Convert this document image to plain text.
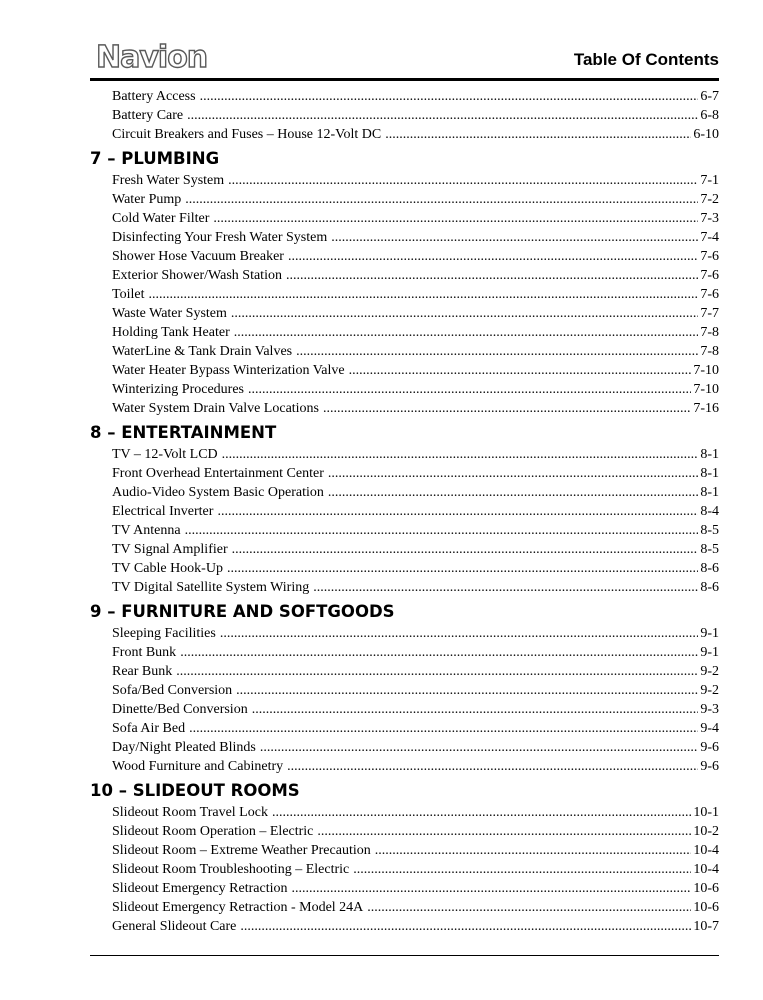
Navion	Table Of Contents
Battery Access .....	6-7
Battery Care .....	6-8
Circuit Breakers and Fuses – House 12-Volt DC .....	6-10
7 – PLUMBING
Fresh Water System .....	7-1
Water Pump .....	7-2
Cold Water Filter .....	7-3
Disinfecting Your Fresh Water System .....	7-4
Shower Hose Vacuum Breaker .....	7-6
Exterior Shower/Wash Station .....	7-6
Toilet .....	7-6
Waste Water System .....	7-7
Holding Tank Heater .....	7-8
WaterLine & Tank Drain Valves .....	7-8
Water Heater Bypass Winterization Valve .....	7-10
Winterizing Procedures .....	7-10
Water System Drain Valve Locations .....	7-16
8 – ENTERTAINMENT
TV – 12-Volt LCD .....	8-1
Front Overhead Entertainment Center .....	8-1
Audio-Video System Basic Operation .....	8-1
Electrical Inverter .....	8-4
TV Antenna .....	8-5
TV Signal Amplifier .....	8-5
TV Cable Hook-Up .....	8-6
TV Digital Satellite System Wiring .....	8-6
9 – FURNITURE AND SOFTGOODS
Sleeping Facilities .....	9-1
Front Bunk .....	9-1
Rear Bunk .....	9-2
Sofa/Bed Conversion .....	9-2
Dinette/Bed Conversion .....	9-3
Sofa Air Bed .....	9-4
Day/Night Pleated Blinds .....	9-6
Wood Furniture and Cabinetry .....	9-6
10 – SLIDEOUT ROOMS
Slideout Room Travel Lock .....	10-1
Slideout Room Operation – Electric .....	10-2
Slideout Room – Extreme Weather Precaution .....	10-4
Slideout Room Troubleshooting – Electric .....	10-4
Slideout Emergency Retraction .....	10-6
Slideout Emergency Retraction - Model 24A .....	10-6
General Slideout Care .....	10-7
